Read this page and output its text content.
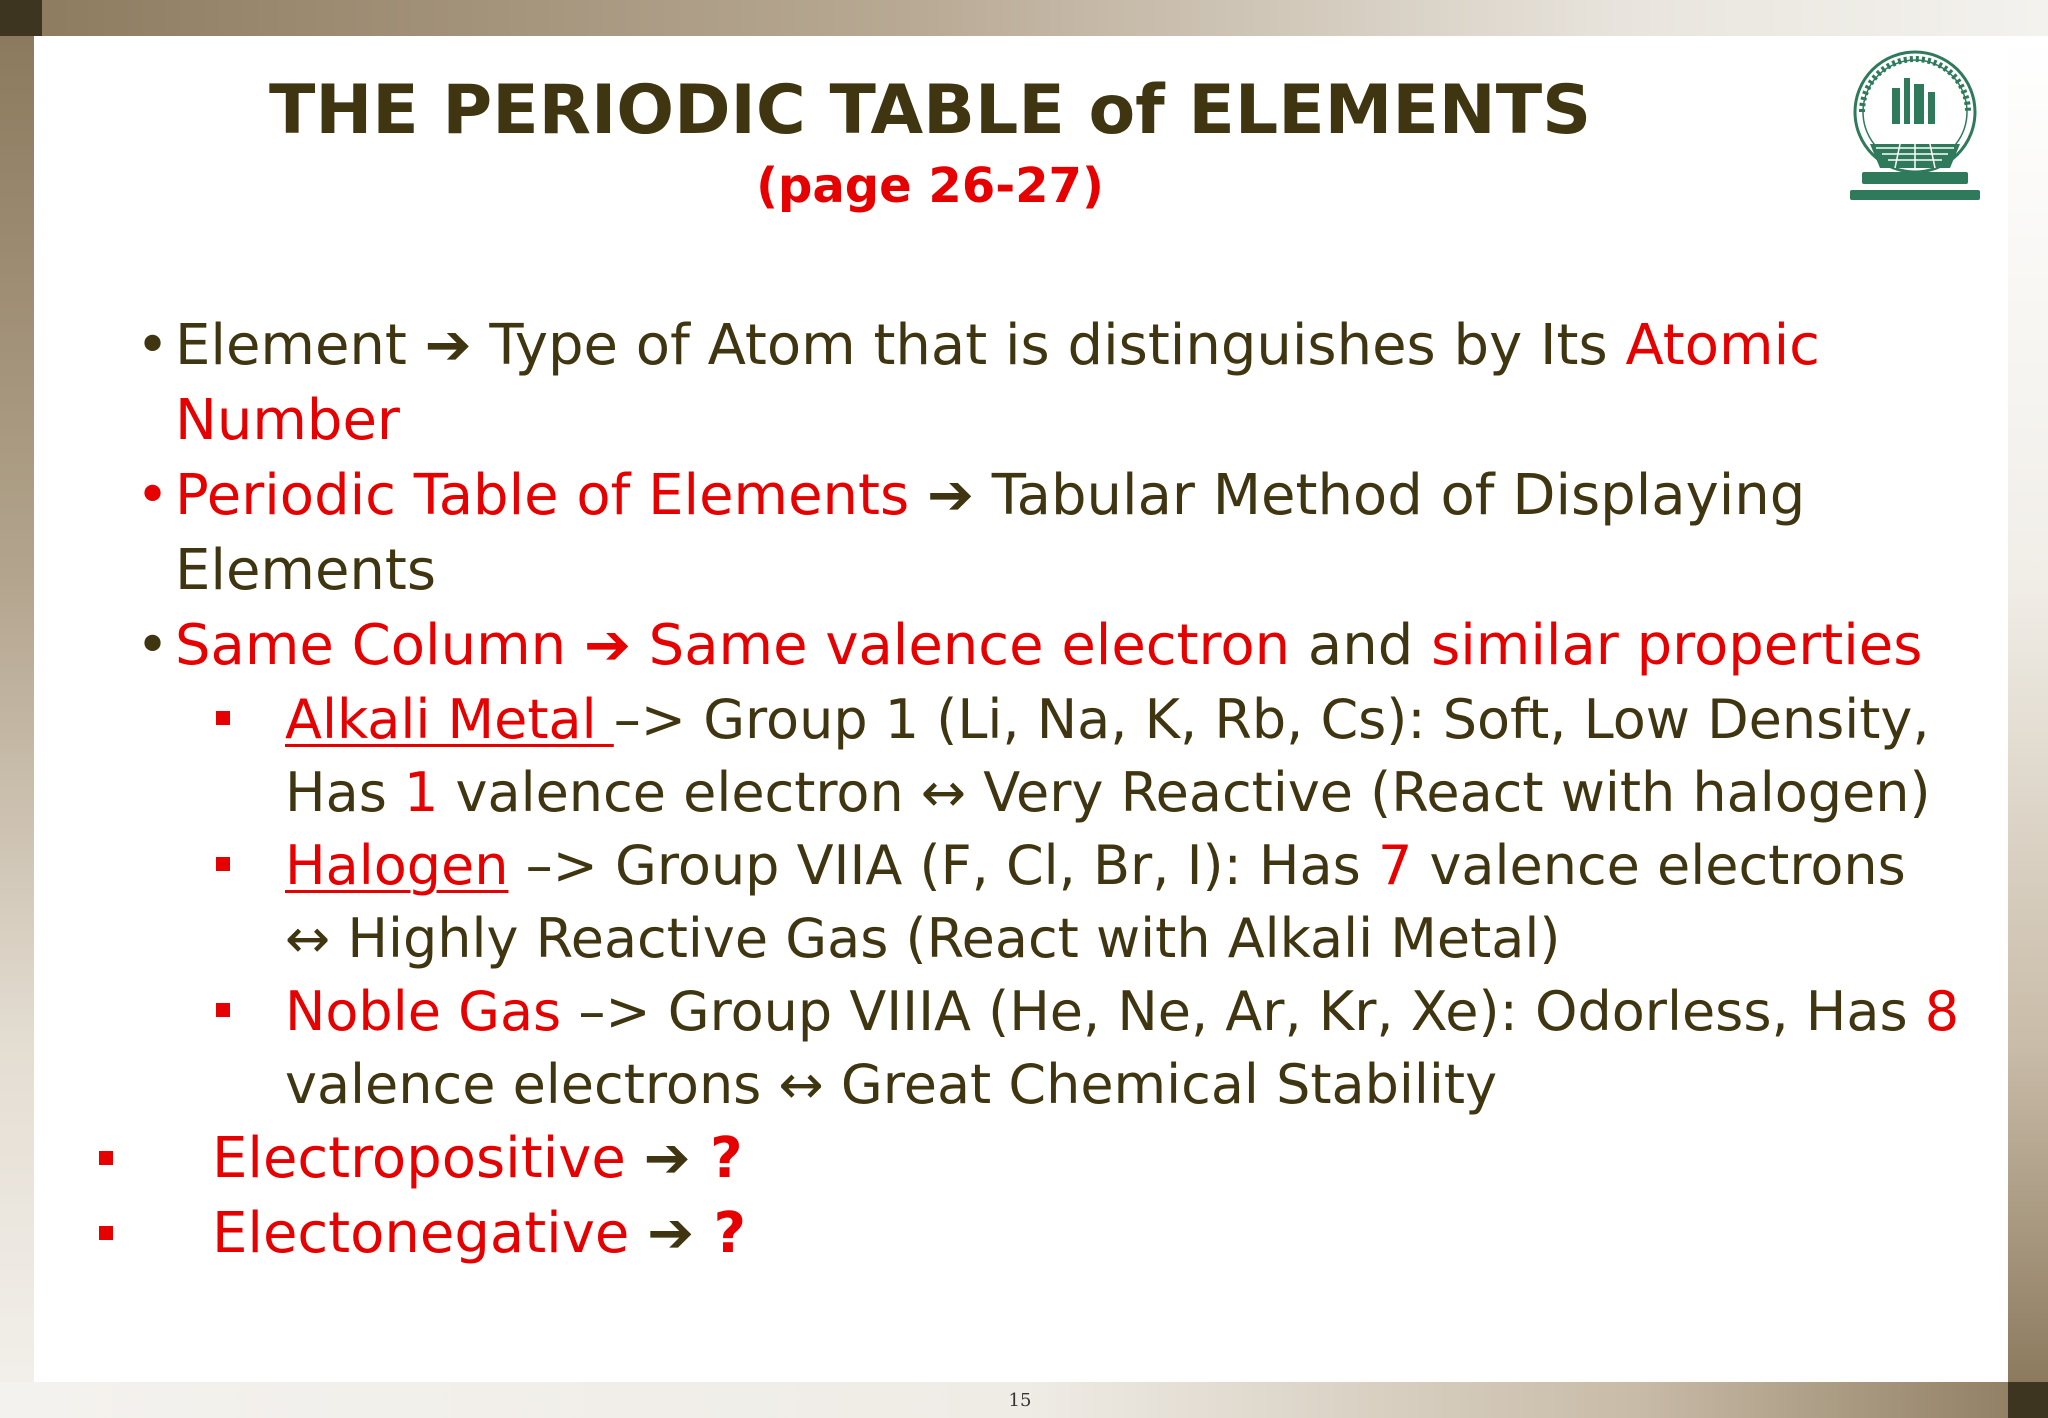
THE PERIODIC TABLE of ELEMENTS
(page 26-27)
• Element ➔ Type of Atom that is distinguishes by Its Atomic
Number
• Periodic Table of Elements ➔ Tabular Method of Displaying
Elements
• Same Column ➔ Same valence electron and similar properties
Alkali Metal –> Group 1 (Li, Na, K, Rb, Cs): Soft, Low Density,
Has 1 valence electron ↔ Very Reactive (React with halogen)
Halogen –> Group VIIA (F, Cl, Br, I): Has 7 valence electrons
↔ Highly Reactive Gas (React with Alkali Metal)
Noble Gas –> Group VIIIA (He, Ne, Ar, Kr, Xe): Odorless, Has 8
valence electrons ↔ Great Chemical Stability
Electropositive ➔ ?
Electonegative ➔ ?
15
